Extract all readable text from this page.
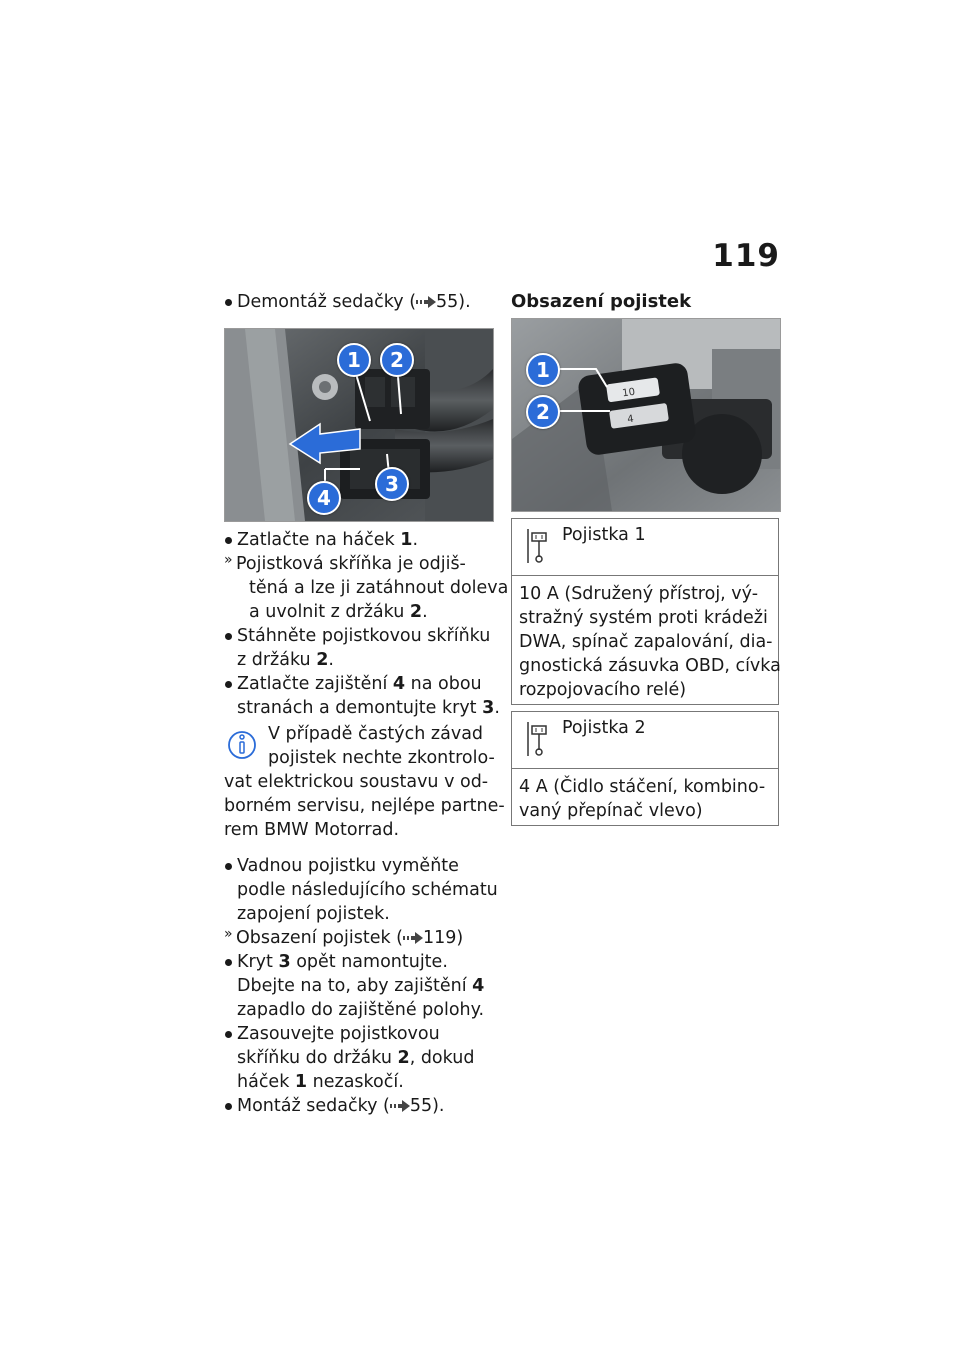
119
Demontáž sedačky ( 55).
1	2
3
4
Zatlačte na háček 1.
» Pojistková skříňka je odjiš-
těná a lze ji zatáhnout doleva
a uvolnit z držáku 2.
Stáhněte pojistkovou skříňku
z držáku 2.
Zatlačte zajištění 4 na obou
stranách a demontujte kryt 3.
V případě častých závad
pojistek nechte zkontrolo-
vat elektrickou soustavu v od-
borném servisu, nejlépe partne-
rem BMW Motorrad.
Vadnou pojistku vyměňte
podle následujícího schématu
zapojení pojistek.
» Obsazení pojistek ( 119)
Kryt 3 opět namontujte.
Dbejte na to, aby zajištění 4
zapadlo do zajištěné polohy.
Zasouvejte pojistkovou
skříňku do držáku 2, dokud
háček 1 nezaskočí.
Montáž sedačky ( 55).
Obsazení pojistek
10
4
1
2
Pojistka 1
10 A (Sdružený přístroj, vý-
stražný systém proti krádeži
DWA, spínač zapalování, dia-
gnostická zásuvka OBD, cívka
rozpojovacího relé)
Pojistka 2
4 A (Čidlo stáčení, kombino-
vaný přepínač vlevo)
